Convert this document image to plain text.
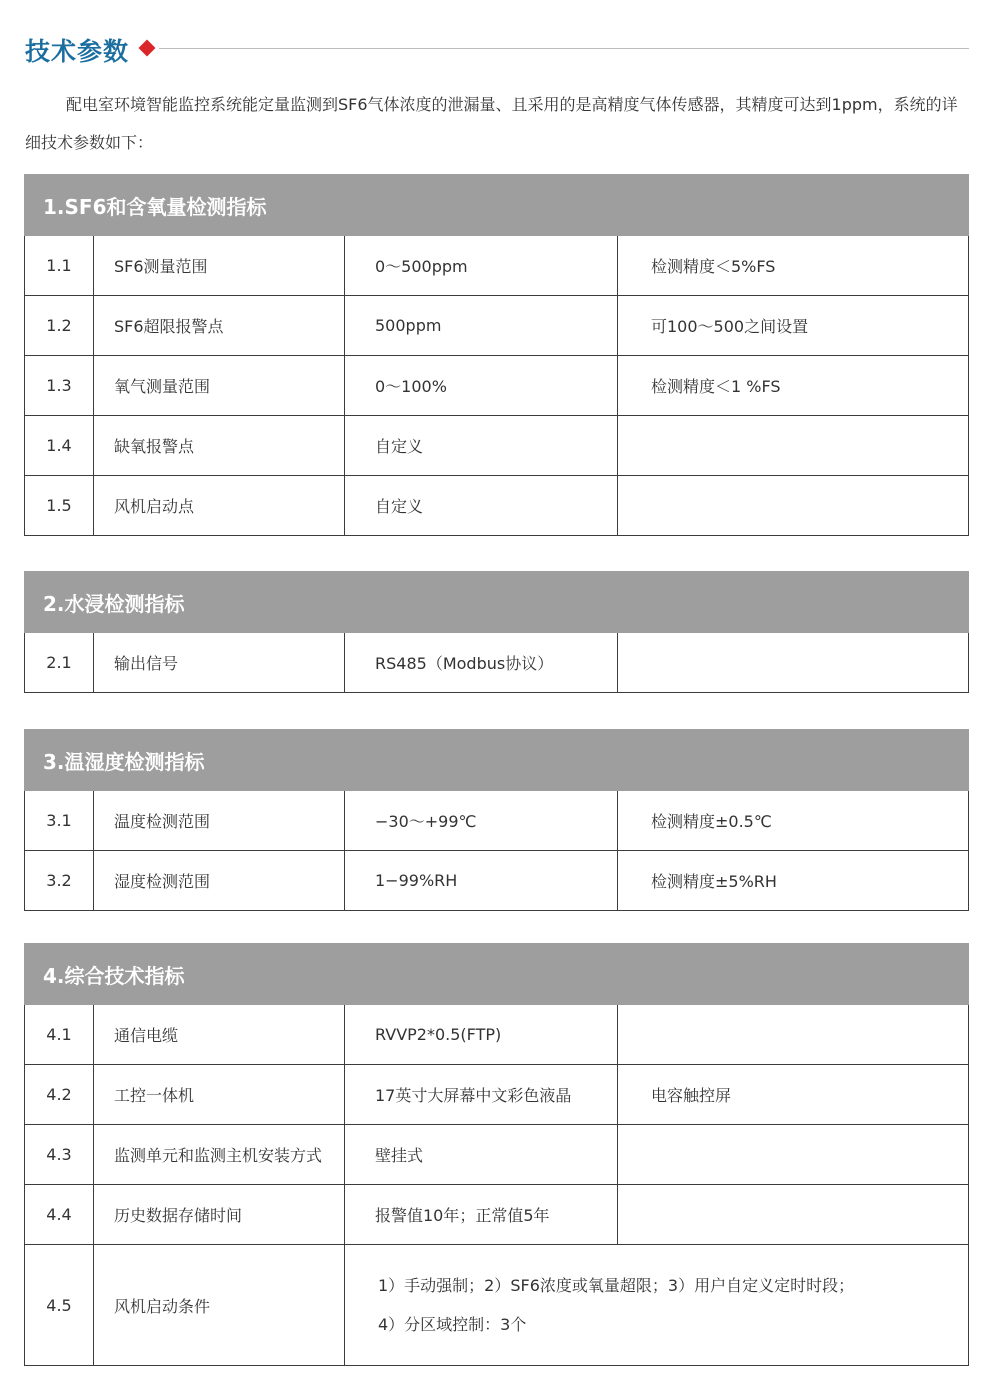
技术参数

配电室环境智能监控系统能定量监测到SF6气体浓度的泄漏量、且采用的是高精度气体传感器，其精度可达到1ppm，系统的详细技术参数如下：

1.SF6和含氧量检测指标			
1.1	SF6测量范围	0～500ppm	检测精度＜5%FS
1.2	SF6超限报警点	500ppm	可100～500之间设置
1.3	氧气测量范围	0～100%	检测精度＜1 %FS
1.4	缺氧报警点	自定义	
1.5	风机启动点	自定义	
2.水浸检测指标
2.1	输出信号	RS485（Modbus协议）	
3.温湿度检测指标			
3.1	温度检测范围	−30～+99℃	检测精度±0.5℃
3.2	湿度检测范围	1−99%RH	检测精度±5%RH
4.综合技术指标			
4.1	通信电缆	RVVP2*0.5(FTP)	
4.2	工控一体机	17英寸大屏幕中文彩色液晶	电容触控屏
4.3	监测单元和监测主机安装方式	壁挂式	
4.4	历史数据存储时间	报警值10年；正常值5年	
4.5	风机启动条件	1）手动强制；2）SF6浓度或氧量超限；3）用户自定义定时时段；
4）分区域控制：3个	
